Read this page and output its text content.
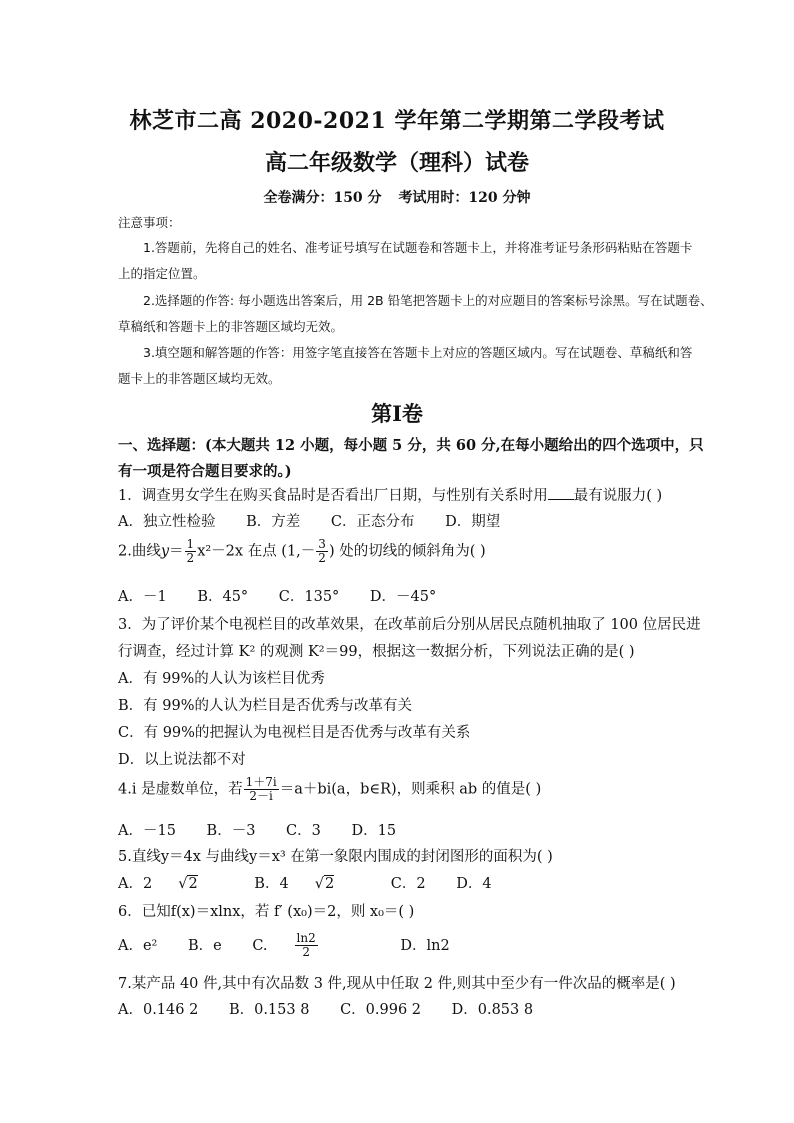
林芝市二高 2020-2021 学年第二学期第二学段考试
高二年级数学（理科）试卷
全卷满分：150 分 考试用时：120 分钟
注意事项：
1.答题前，先将自己的姓名、准考证号填写在试题卷和答题卡上，并将准考证号条形码粘贴在答题卡
上的指定位置。
2.选择题的作答: 每小题选出答案后，用 2B 铅笔把答题卡上的对应题目的答案标号涂黑。写在试题卷、
草稿纸和答题卡上的非答题区域均无效。
3.填空题和解答题的作答：用签字笔直接答在答题卡上对应的答题区域内。写在试题卷、草稿纸和答
题卡上的非答题区域均无效。
第Ⅰ卷
一、选择题：(本大题共 12 小题，每小题 5 分，共 60 分,在每小题给出的四个选项中，只
有一项是符合题目要求的。)
1．调查男女学生在购买食品时是否看出厂日期，与性别有关系时用 最有说服力( )
A．独立性检验 B．方差 C．正态分布 D．期望
2.曲线$y= \frac{1}{2} x^2-2x$ 在点 ($1,- \frac{3}{2}$ ) 处的切线的倾斜角为( )
A．－1 B．45° C．135° D．－45°
3．为了评价某个电视栏目的改革效果，在改革前后分别从居民点随机抽取了 100 位居民进
行调查，经过计算 K² 的观测 K²＝99，根据这一数据分析，下列说法正确的是( )
A．有 99%的人认为该栏目优秀
B．有 99%的人认为栏目是否优秀与改革有关
C．有 99%的把握认为电视栏目是否优秀与改革有关系
D．以上说法都不对
4.i 是虚数单位，若 $\frac{1+7i}{2-i} =a+bi(a$，b∈R)，则乘积 ab 的值是( )
A．－15 B．－3 C．3 D．15
5.直线y＝4x 与曲线y＝x³ 在第一象限内围成的封闭图形的面积为( )
A．2 √2	B．4 √2	C．2 D．4
6．已知f(x)＝xlnx，若 f′ (x₀)＝2，则 x₀＝( )
A．e² B．e C. $\frac{\ln 2}{2}$	D．ln2
7.某产品 40 件,其中有次品数 3 件,现从中任取 2 件,则其中至少有一件次品的概率是( )
A．0.146 2 B．0.153 8 C．0.996 2 D．0.853 8
